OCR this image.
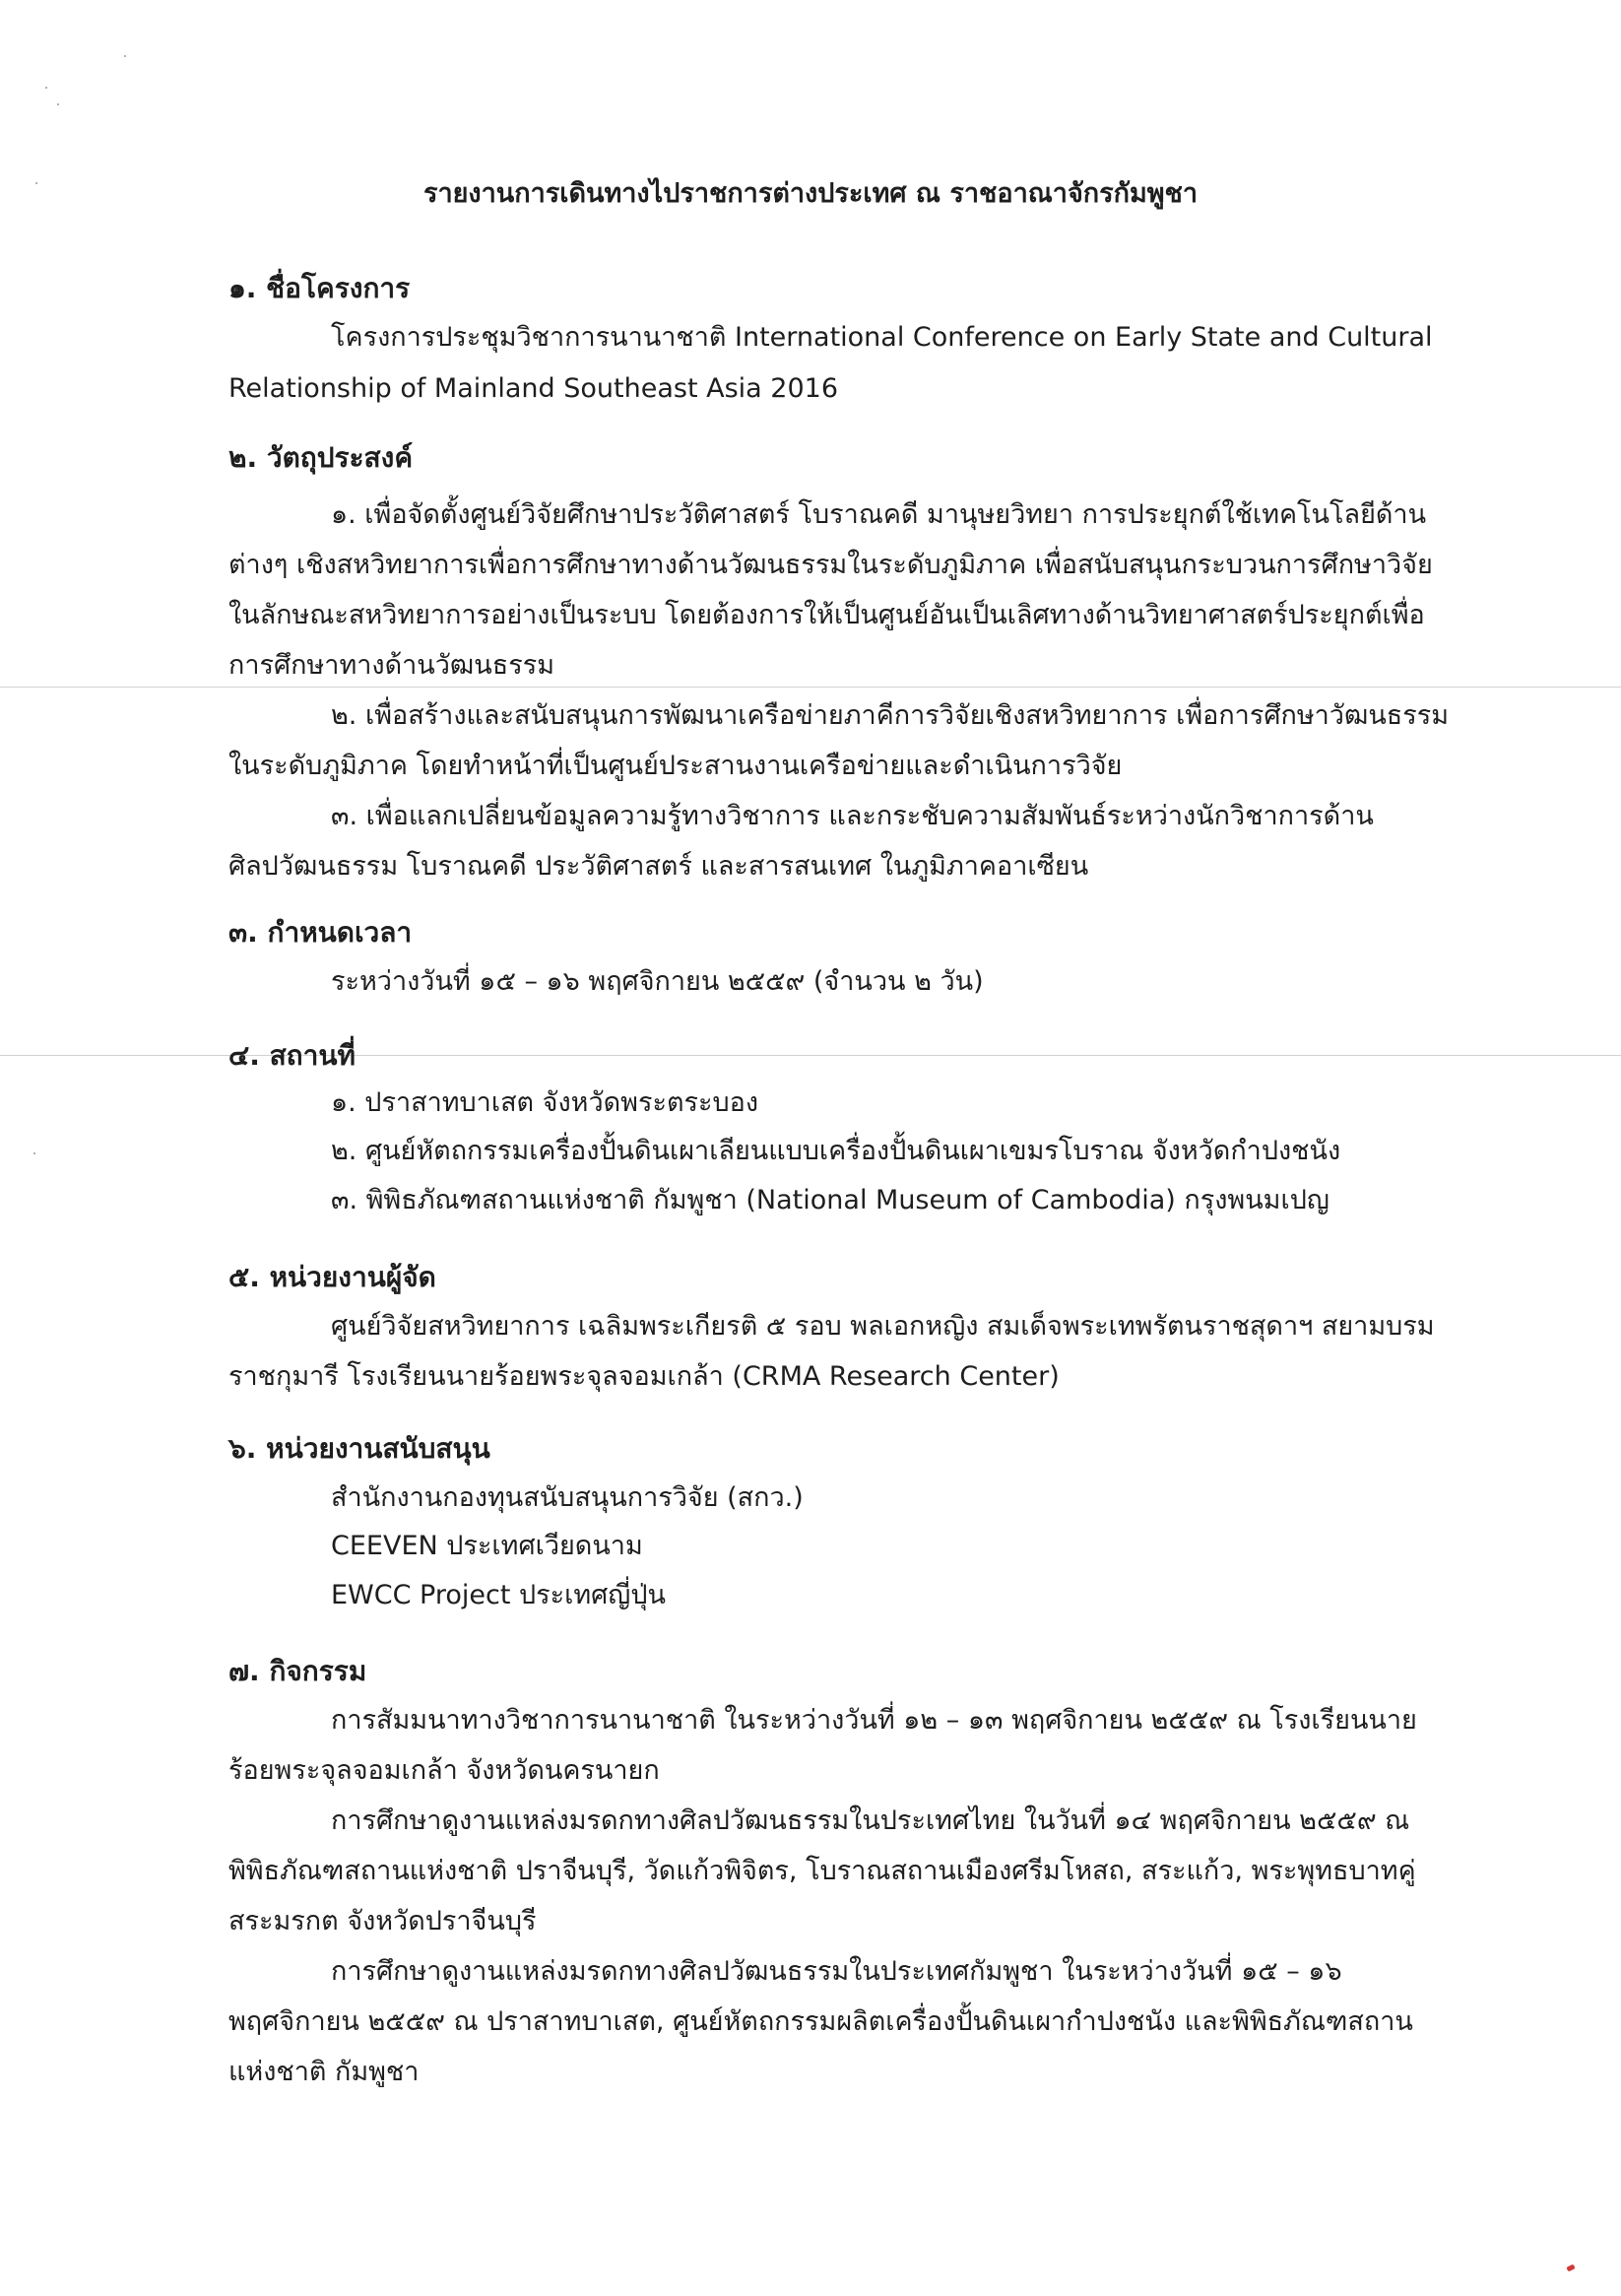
รายงานการเดินทางไปราชการต่างประเทศ ณ ราชอาณาจักรกัมพูชา
๑. ชื่อโครงการ
โครงการประชุมวิชาการนานาชาติ International Conference on Early State and Cultural
Relationship of Mainland Southeast Asia 2016
๒. วัตถุประสงค์
๑. เพื่อจัดตั้งศูนย์วิจัยศึกษาประวัติศาสตร์ โบราณคดี มานุษยวิทยา การประยุกต์ใช้เทคโนโลยีด้าน
ต่างๆ เชิงสหวิทยาการเพื่อการศึกษาทางด้านวัฒนธรรมในระดับภูมิภาค เพื่อสนับสนุนกระบวนการศึกษาวิจัย
ในลักษณะสหวิทยาการอย่างเป็นระบบ โดยต้องการให้เป็นศูนย์อันเป็นเลิศทางด้านวิทยาศาสตร์ประยุกต์เพื่อ
การศึกษาทางด้านวัฒนธรรม
๒. เพื่อสร้างและสนับสนุนการพัฒนาเครือข่ายภาคีการวิจัยเชิงสหวิทยาการ เพื่อการศึกษาวัฒนธรรม
ในระดับภูมิภาค โดยทำหน้าที่เป็นศูนย์ประสานงานเครือข่ายและดำเนินการวิจัย
๓. เพื่อแลกเปลี่ยนข้อมูลความรู้ทางวิชาการ และกระชับความสัมพันธ์ระหว่างนักวิชาการด้าน
ศิลปวัฒนธรรม โบราณคดี ประวัติศาสตร์ และสารสนเทศ ในภูมิภาคอาเซียน
๓. กำหนดเวลา
ระหว่างวันที่ ๑๕ – ๑๖ พฤศจิกายน ๒๕๕๙ (จำนวน ๒ วัน)
๔. สถานที่
๑. ปราสาทบาเสต จังหวัดพระตระบอง
๒. ศูนย์หัตถกรรมเครื่องปั้นดินเผาเลียนแบบเครื่องปั้นดินเผาเขมรโบราณ จังหวัดกำปงชนัง
๓. พิพิธภัณฑสถานแห่งชาติ กัมพูชา (National Museum of Cambodia) กรุงพนมเปญ
๕. หน่วยงานผู้จัด
ศูนย์วิจัยสหวิทยาการ เฉลิมพระเกียรติ ๕ รอบ พลเอกหญิง สมเด็จพระเทพรัตนราชสุดาฯ สยามบรม
ราชกุมารี โรงเรียนนายร้อยพระจุลจอมเกล้า (CRMA Research Center)
๖. หน่วยงานสนับสนุน
สำนักงานกองทุนสนับสนุนการวิจัย (สกว.)
CEEVEN ประเทศเวียดนาม
EWCC Project ประเทศญี่ปุ่น
๗. กิจกรรม
การสัมมนาทางวิชาการนานาชาติ ในระหว่างวันที่ ๑๒ – ๑๓ พฤศจิกายน ๒๕๕๙ ณ โรงเรียนนาย
ร้อยพระจุลจอมเกล้า จังหวัดนครนายก
การศึกษาดูงานแหล่งมรดกทางศิลปวัฒนธรรมในประเทศไทย ในวันที่ ๑๔ พฤศจิกายน ๒๕๕๙ ณ
พิพิธภัณฑสถานแห่งชาติ ปราจีนบุรี, วัดแก้วพิจิตร, โบราณสถานเมืองศรีมโหสถ, สระแก้ว, พระพุทธบาทคู่
สระมรกต จังหวัดปราจีนบุรี
การศึกษาดูงานแหล่งมรดกทางศิลปวัฒนธรรมในประเทศกัมพูชา ในระหว่างวันที่ ๑๕ – ๑๖
พฤศจิกายน ๒๕๕๙ ณ ปราสาทบาเสต, ศูนย์หัตถกรรมผลิตเครื่องปั้นดินเผากำปงชนัง และพิพิธภัณฑสถาน
แห่งชาติ กัมพูชา
